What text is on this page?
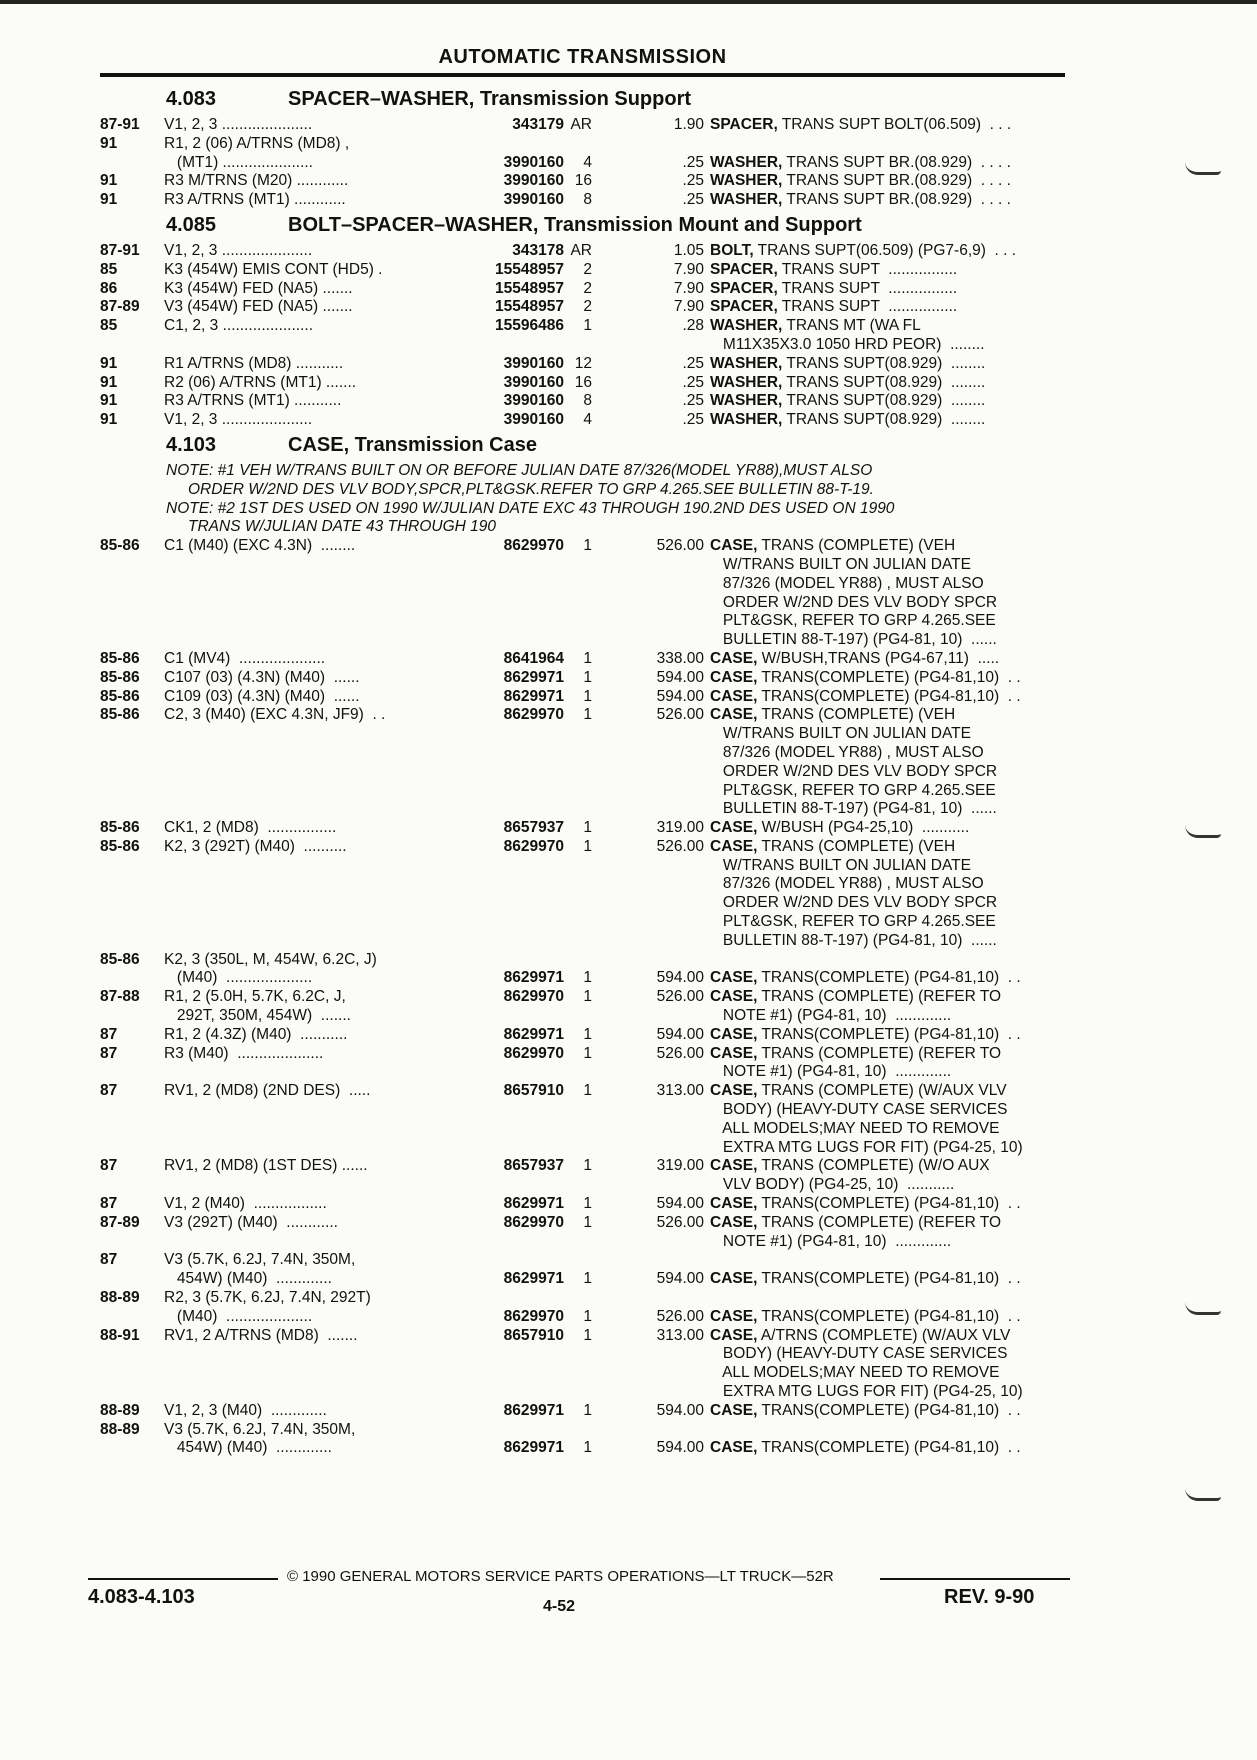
AUTOMATIC TRANSMISSION
4.083	SPACER–WASHER, Transmission Support
87-91	V1, 2, 3 .....................	343179 AR	1.90 SPACER, TRANS SUPT BOLT(06.509)  . . .
91	R1, 2 (06) A/TRNS (MD8) ,
(MT1) .....................	3990160	4	.25 WASHER, TRANS SUPT BR.(08.929)  . . . .
91	R3 M/TRNS (M20) ............	3990160 16	.25 WASHER, TRANS SUPT BR.(08.929)  . . . .
91	R3 A/TRNS (MT1) ............	3990160	8	.25 WASHER, TRANS SUPT BR.(08.929)  . . . .
4.085	BOLT–SPACER–WASHER, Transmission Mount and Support
87-91	V1, 2, 3 .....................	343178 AR	1.05 BOLT, TRANS SUPT(06.509) (PG7-6,9)  . . .
85	K3 (454W) EMIS CONT (HD5) .	15548957	2	7.90 SPACER, TRANS SUPT  ................
86	K3 (454W) FED (NA5) .......	15548957	2	7.90 SPACER, TRANS SUPT  ................
87-89	V3 (454W) FED (NA5) .......	15548957	2	7.90 SPACER, TRANS SUPT  ................
85	C1, 2, 3 .....................	15596486	1	.28 WASHER, TRANS MT (WA FL
M11X35X3.0 1050 HRD PEOR)  ........
91	R1 A/TRNS (MD8) ...........	3990160 12	.25 WASHER, TRANS SUPT(08.929)  ........
91	R2 (06) A/TRNS (MT1) .......	3990160 16	.25 WASHER, TRANS SUPT(08.929)  ........
91	R3 A/TRNS (MT1) ...........	3990160	8	.25 WASHER, TRANS SUPT(08.929)  ........
91	V1, 2, 3 .....................	3990160	4	.25 WASHER, TRANS SUPT(08.929)  ........
4.103	CASE, Transmission Case
NOTE: #1 VEH W/TRANS BUILT ON OR BEFORE JULIAN DATE 87/326(MODEL YR88),MUST ALSO
ORDER W/2ND DES VLV BODY,SPCR,PLT&GSK.REFER TO GRP 4.265.SEE BULLETIN 88-T-19.
NOTE: #2 1ST DES USED ON 1990 W/JULIAN DATE EXC 43 THROUGH 190.2ND DES USED ON 1990
TRANS W/JULIAN DATE 43 THROUGH 190
85-86	C1 (M40) (EXC 4.3N)  ........	8629970	1	526.00 CASE, TRANS (COMPLETE) (VEH
W/TRANS BUILT ON JULIAN DATE
87/326 (MODEL YR88) , MUST ALSO
ORDER W/2ND DES VLV BODY SPCR
PLT&GSK, REFER TO GRP 4.265.SEE
BULLETIN 88-T-197) (PG4-81, 10)  ......
85-86	C1 (MV4)  ....................	8641964	1	338.00 CASE, W/BUSH,TRANS (PG4-67,11)  .....
85-86	C107 (03) (4.3N) (M40)  ......	8629971	1	594.00 CASE, TRANS(COMPLETE) (PG4-81,10)  . .
85-86	C109 (03) (4.3N) (M40)  ......	8629971	1	594.00 CASE, TRANS(COMPLETE) (PG4-81,10)  . .
85-86	C2, 3 (M40) (EXC 4.3N, JF9)  . .	8629970	1	526.00 CASE, TRANS (COMPLETE) (VEH
W/TRANS BUILT ON JULIAN DATE
87/326 (MODEL YR88) , MUST ALSO
ORDER W/2ND DES VLV BODY SPCR
PLT&GSK, REFER TO GRP 4.265.SEE
BULLETIN 88-T-197) (PG4-81, 10)  ......
85-86	CK1, 2 (MD8)  ................	8657937	1	319.00 CASE, W/BUSH (PG4-25,10)  ...........
85-86	K2, 3 (292T) (M40)  ..........	8629970	1	526.00 CASE, TRANS (COMPLETE) (VEH
W/TRANS BUILT ON JULIAN DATE
87/326 (MODEL YR88) , MUST ALSO
ORDER W/2ND DES VLV BODY SPCR
PLT&GSK, REFER TO GRP 4.265.SEE
BULLETIN 88-T-197) (PG4-81, 10)  ......
85-86	K2, 3 (350L, M, 454W, 6.2C, J)
(M40)  ....................	8629971	1	594.00 CASE, TRANS(COMPLETE) (PG4-81,10)  . .
87-88	R1, 2 (5.0H, 5.7K, 6.2C, J,
292T, 350M, 454W)  .......
8629970	1	526.00 CASE, TRANS (COMPLETE) (REFER TO
NOTE #1) (PG4-81, 10)  .............
87	R1, 2 (4.3Z) (M40)  ...........	8629971	1	594.00 CASE, TRANS(COMPLETE) (PG4-81,10)  . .
87	R3 (M40)  ....................	8629970	1	526.00 CASE, TRANS (COMPLETE) (REFER TO
NOTE #1) (PG4-81, 10)  .............
87	RV1, 2 (MD8) (2ND DES)  .....	8657910	1	313.00 CASE, TRANS (COMPLETE) (W/AUX VLV
BODY) (HEAVY-DUTY CASE SERVICES
ALL MODELS;MAY NEED TO REMOVE
EXTRA MTG LUGS FOR FIT) (PG4-25, 10)
87	RV1, 2 (MD8) (1ST DES) ......	8657937	1	319.00 CASE, TRANS (COMPLETE) (W/O AUX
VLV BODY) (PG4-25, 10)  ...........
87	V1, 2 (M40)  .................	8629971	1	594.00 CASE, TRANS(COMPLETE) (PG4-81,10)  . .
87-89	V3 (292T) (M40)  ............	8629970	1	526.00 CASE, TRANS (COMPLETE) (REFER TO
NOTE #1) (PG4-81, 10)  .............
87	V3 (5.7K, 6.2J, 7.4N, 350M,
454W) (M40)  .............	8629971	1	594.00 CASE, TRANS(COMPLETE) (PG4-81,10)  . .
88-89	R2, 3 (5.7K, 6.2J, 7.4N, 292T)
(M40)  ....................	8629970	1	526.00 CASE, TRANS(COMPLETE) (PG4-81,10)  . .
88-91	RV1, 2 A/TRNS (MD8)  .......	8657910	1	313.00 CASE, A/TRNS (COMPLETE) (W/AUX VLV
BODY) (HEAVY-DUTY CASE SERVICES
ALL MODELS;MAY NEED TO REMOVE
EXTRA MTG LUGS FOR FIT) (PG4-25, 10)
88-89	V1, 2, 3 (M40)  .............	8629971	1	594.00 CASE, TRANS(COMPLETE) (PG4-81,10)  . .
88-89	V3 (5.7K, 6.2J, 7.4N, 350M,
454W) (M40)  .............	8629971	1	594.00 CASE, TRANS(COMPLETE) (PG4-81,10)  . .
© 1990 GENERAL MOTORS SERVICE PARTS OPERATIONS—LT TRUCK—52R
4.083-4.103	4-52	REV. 9-90
